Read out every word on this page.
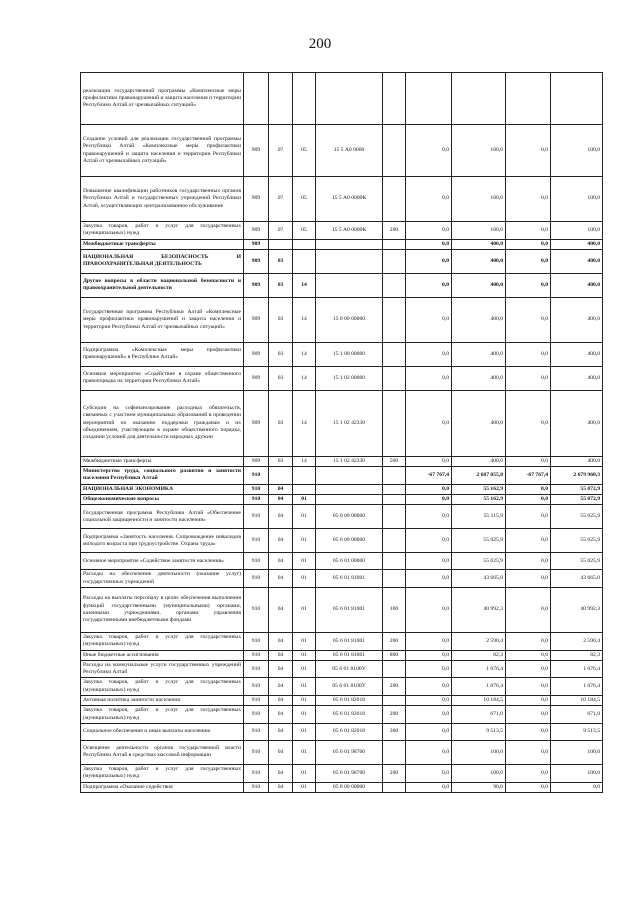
200
реализации государственной программы «Комплексные меры профилактики правонарушений и защита населения и территории Республики Алтай от чрезвычайных ситуаций»									
Создание условий для реализации государственной программы Республики Алтай «Комплексные меры профилактики правонарушений и защита населения и территории Республики Алтай от чрезвычайных ситуаций»	909	07	05	15 5 А0 0000		0,0	100,0	0,0	100,0
Повышение квалификации работников государственных органов Республики Алтай и государственных учреждений Республики Алтай, осуществляющих централизованное обслуживание	909	07	05	15 5 А0 0000К		0,0	100,0	0,0	100,0
Закупка товаров, работ и услуг для государственных (муниципальных) нужд	909	07	05	15 5 А0 0000К	200	0,0	100,0	0,0	100,0
Межбюджетные трансферты	909					0,0	400,0	0,0	400,0
НАЦИОНАЛЬНАЯ БЕЗОПАСНОСТЬ И ПРАВООХРАНИТЕЛЬНАЯ ДЕЯТЕЛЬНОСТЬ	909	03				0,0	400,0	0,0	400,0
Другие вопросы в области национальной безопасности и правоохранительной деятельности	909	03	14			0,0	400,0	0,0	400,0
Государственная программа Республики Алтай «Комплексные меры профилактики правонарушений и защита населения и территории Республики Алтай от чрезвычайных ситуаций»	909	03	14	15 0 00 00000		0,0	400,0	0,0	400,0
Подпрограмма «Комплексные меры профилактики правонарушений» в Республике Алтай»	909	03	14	15 1 00 00000		0,0	400,0	0,0	400,0
Основное мероприятие «Содействие в охране общественного правопорядка на территории Республики Алтай»	909	03	14	15 1 02 00000		0,0	400,0	0,0	400,0
Субсидии на софинансирование расходных обязательств, связанных с участием муниципальных образований в проведении мероприятий по оказанию поддержки гражданам и их объединениям, участвующим в охране общественного порядка, создании условий для деятельности народных дружин	909	03	14	15 1 02 42330		0,0	400,0	0,0	400,0
Межбюджетные трансферты	909	03	14	15 1 02 42330	500	0,0	400,0	0,0	400,0
Министерство труда, социального развития и занятости населения Республики Алтай	910					-67 767,4	2 687 055,8	-67 767,4	2 679 960,3
НАЦИОНАЛЬНАЯ ЭКОНОМИКА	910	04				0,0	55 162,9	0,0	55 072,9
Общеэкономические вопросы	910	04	01			0,0	55 162,9	0,0	55 072,9
Государственная программа Республики Алтай «Обеспечение социальной защищенности и занятости населения»	910	04	01	05 0 00 00000		0,0	55 115,9	0,0	55 025,9
Подпрограмма «Занятость населения. Сопровождение инвалидов молодого возраста при трудоустройстве. Охрана труда»	910	04	01	05 6 00 00000		0,0	55 025,9	0,0	55 025,9
Основное мероприятие «Содействие занятости населения»	910	04	01	05 6 01 00000		0,0	55 025,9	0,0	55 025,9
Расходы на обеспечение деятельности (оказание услуг) государственных учреждений	910	04	01	05 6 01 81001		0,0	43 665,0	0,0	43 665,0
Расходы на выплаты персоналу в целях обеспечения выполнения функций государственными (муниципальными) органами, казенными учреждениями, органами управления государственными внебюджетными фондами	910	04	01	05 6 01 81001	100	0,0	40 992,3	0,0	40 992,3
Закупка товаров, работ и услуг для государственных (муниципальных) нужд	910	04	01	05 6 01 81001	200	0,0	2 590,4	0,0	2 590,4
Иные бюджетные ассигнования	910	04	01	05 6 01 81001	800	0,0	82,3	0,0	82,3
Расходы на коммунальные услуги государственных учреждений Республики Алтай	910	04	01	05 6 01 8100У		0,0	1 076,4	0,0	1 076,4
Закупка товаров, работ и услуг для государственных (муниципальных) нужд	910	04	01	05 6 01 8100У	200	0,0	1 076,4	0,0	1 076,4
Активная политика занятости населения	910	04	01	05 6 01 82018		0,0	10 184,5	0,0	10 184,5
Закупка товаров, работ и услуг для государственных (муниципальных) нужд	910	04	01	05 6 01 82018	200	0,0	671,0	0,0	671,0
Социальное обеспечение и иные выплаты населению	910	04	01	05 6 01 82018	300	0,0	9 513,5	0,0	9 513,5
Освещение деятельности органов государственной власти Республики Алтай в средствах массовой информации	910	04	01	05 6 01 98700		0,0	100,0	0,0	100,0
Закупка товаров, работ и услуг для государственных (муниципальных) нужд	910	04	01	05 6 01 98700	200	0,0	100,0	0,0	100,0
Подпрограмма «Оказание содействия	910	04	01	05 8 00 00000		0,0	90,0	0,0	0,0
